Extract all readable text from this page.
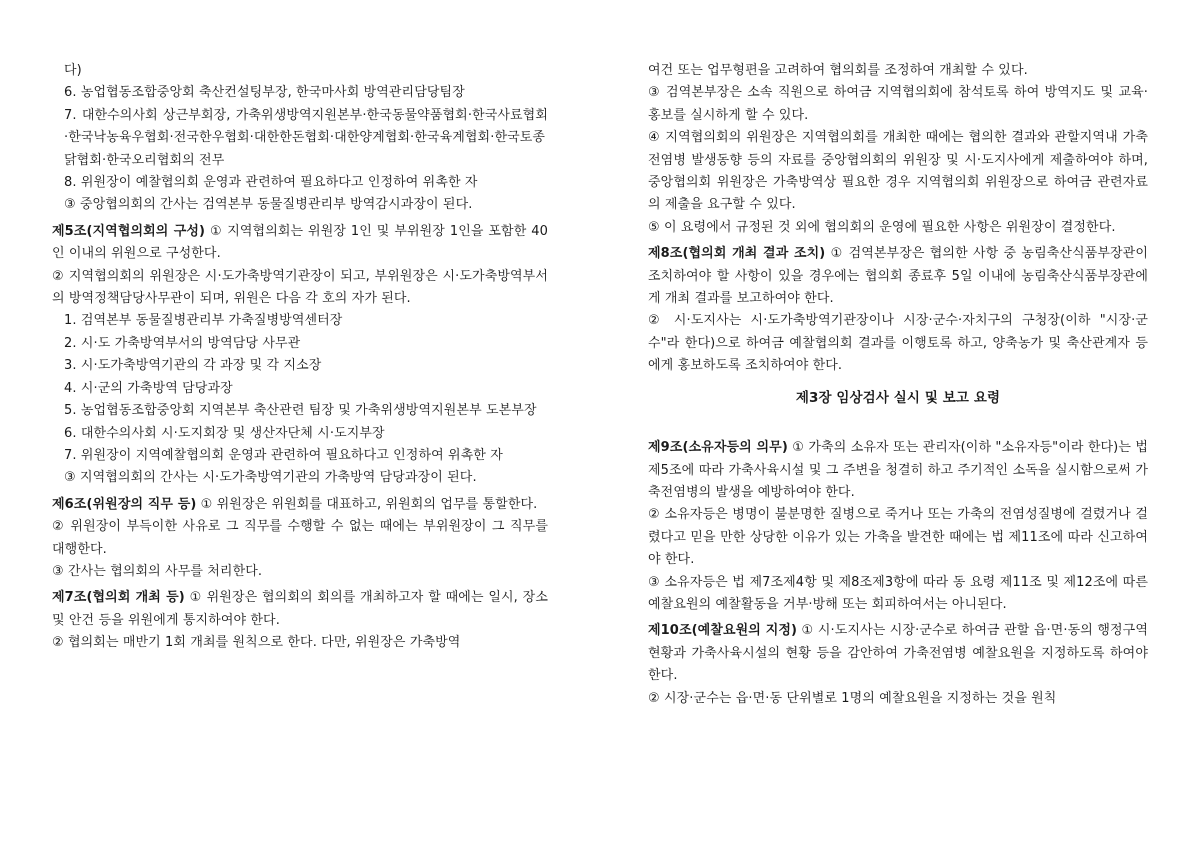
다)
6. 농업협동조합중앙회 축산컨설팅부장, 한국마사회 방역관리담당팀장
7. 대한수의사회 상근부회장, 가축위생방역지원본부·한국동물약품협회·한국사료협회·한국낙농육우협회·전국한우협회·대한한돈협회·대한양계협회·한국육계협회·한국토종닭협회·한국오리협회의 전무
8. 위원장이 예찰협의회 운영과 관련하여 필요하다고 인정하여 위촉한 자
③ 중앙협의회의 간사는 검역본부 동물질병관리부 방역감시과장이 된다.
제5조(지역협의회의 구성) ① 지역협의회는 위원장 1인 및 부위원장 1인을 포함한 40인 이내의 위원으로 구성한다.
② 지역협의회의 위원장은 시·도가축방역기관장이 되고, 부위원장은 시·도가축방역부서의 방역정책담당사무관이 되며, 위원은 다음 각 호의 자가 된다.
1. 검역본부 동물질병관리부 가축질병방역센터장
2. 시·도 가축방역부서의 방역담당 사무관
3. 시·도가축방역기관의 각 과장 및 각 지소장
4. 시·군의 가축방역 담당과장
5. 농업협동조합중앙회 지역본부 축산관련 팀장 및 가축위생방역지원본부 도본부장
6. 대한수의사회 시·도지회장 및 생산자단체 시·도지부장
7. 위원장이 지역예찰협의회 운영과 관련하여 필요하다고 인정하여 위촉한 자
③ 지역협의회의 간사는 시·도가축방역기관의 가축방역 담당과장이 된다.
제6조(위원장의 직무 등) ① 위원장은 위원회를 대표하고, 위원회의 업무를 통할한다.
② 위원장이 부득이한 사유로 그 직무를 수행할 수 없는 때에는 부위원장이 그 직무를 대행한다.
③ 간사는 협의회의 사무를 처리한다.
제7조(협의회 개최 등) ① 위원장은 협의회의 회의를 개최하고자 할 때에는 일시, 장소 및 안건 등을 위원에게 통지하여야 한다.
② 협의회는 매반기 1회 개최를 원칙으로 한다. 다만, 위원장은 가축방역
여건 또는 업무형편을 고려하여 협의회를 조정하여 개최할 수 있다.
③ 검역본부장은 소속 직원으로 하여금 지역협의회에 참석토록 하여 방역지도 및 교육·홍보를 실시하게 할 수 있다.
④ 지역협의회의 위원장은 지역협의회를 개최한 때에는 협의한 결과와 관할지역내 가축전염병 발생동향 등의 자료를 중앙협의회의 위원장 및 시·도지사에게 제출하여야 하며, 중앙협의회 위원장은 가축방역상 필요한 경우 지역협의회 위원장으로 하여금 관련자료의 제출을 요구할 수 있다.
⑤ 이 요령에서 규정된 것 외에 협의회의 운영에 필요한 사항은 위원장이 결정한다.
제8조(협의회 개최 결과 조치) ① 검역본부장은 협의한 사항 중 농림축산식품부장관이 조치하여야 할 사항이 있을 경우에는 협의회 종료후 5일 이내에 농림축산식품부장관에게 개최 결과를 보고하여야 한다.
② 시·도지사는 시·도가축방역기관장이나 시장·군수·자치구의 구청장(이하 "시장·군수"라 한다)으로 하여금 예찰협의회 결과를 이행토록 하고, 양축농가 및 축산관계자 등에게 홍보하도록 조치하여야 한다.
제3장 임상검사 실시 및 보고 요령
제9조(소유자등의 의무) ① 가축의 소유자 또는 관리자(이하 "소유자등"이라 한다)는 법 제5조에 따라 가축사육시설 및 그 주변을 청결히 하고 주기적인 소독을 실시함으로써 가축전염병의 발생을 예방하여야 한다.
② 소유자등은 병명이 불분명한 질병으로 죽거나 또는 가축의 전염성질병에 걸렸거나 걸렸다고 믿을 만한 상당한 이유가 있는 가축을 발견한 때에는 법 제11조에 따라 신고하여야 한다.
③ 소유자등은 법 제7조제4항 및 제8조제3항에 따라 동 요령 제11조 및 제12조에 따른 예찰요원의 예찰활동을 거부·방해 또는 회피하여서는 아니된다.
제10조(예찰요원의 지정) ① 시·도지사는 시장·군수로 하여금 관할 읍·면·동의 행정구역 현황과 가축사육시설의 현황 등을 감안하여 가축전염병 예찰요원을 지정하도록 하여야 한다.
② 시장·군수는 읍·면·동 단위별로 1명의 예찰요원을 지정하는 것을 원칙
